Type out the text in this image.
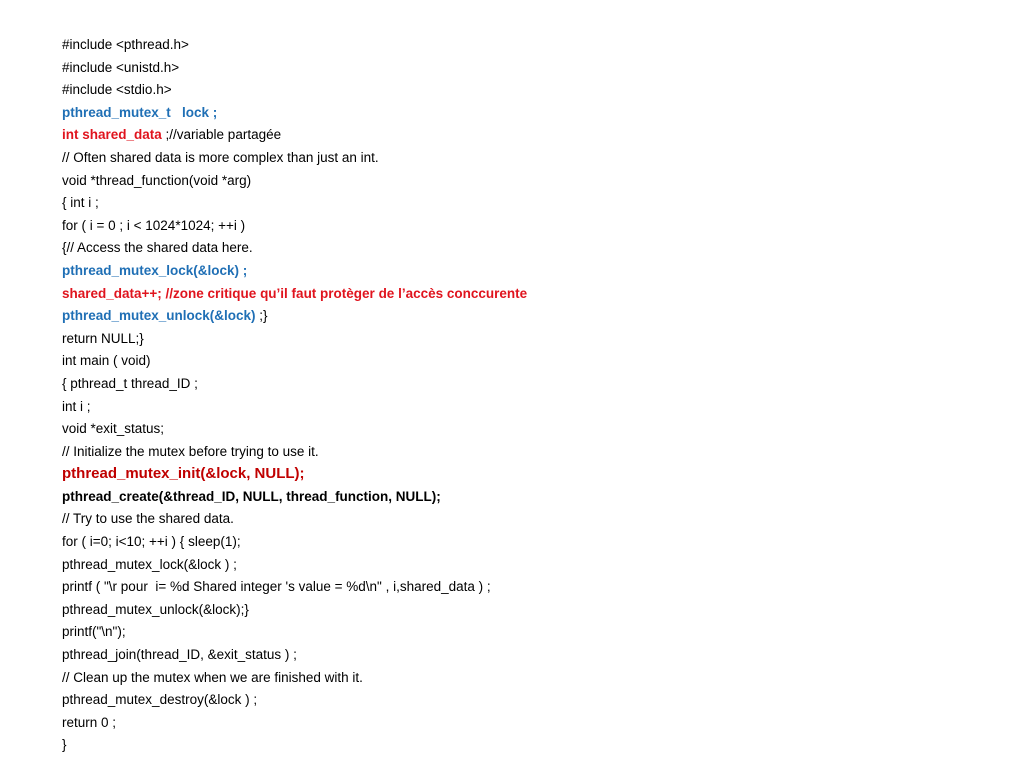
#include <pthread.h>
#include <unistd.h>
#include <stdio.h>
pthread_mutex_t   lock ;
int shared_data ;//variable partagée
// Often shared data is more complex than just an int.
void *thread_function(void *arg)
{ int i ;
for ( i = 0 ; i < 1024*1024; ++i )
{// Access the shared data here.
pthread_mutex_lock(&lock) ;
shared_data++; //zone critique qu’il faut protèger de l’accès conccurente
pthread_mutex_unlock(&lock) ;}
return NULL;}
int main ( void)
{ pthread_t thread_ID ;
int i ;
void *exit_status;
// Initialize the mutex before trying to use it.
pthread_mutex_init(&lock, NULL);
pthread_create(&thread_ID, NULL, thread_function, NULL);
// Try to use the shared data.
for ( i=0; i<10; ++i ) { sleep(1);
pthread_mutex_lock(&lock ) ;
printf ( "\r pour  i= %d Shared integer 's value = %d\n" , i,shared_data ) ;
pthread_mutex_unlock(&lock);}
printf("\n");
pthread_join(thread_ID, &exit_status ) ;
// Clean up the mutex when we are finished with it.
pthread_mutex_destroy(&lock ) ;
return 0 ;
}
